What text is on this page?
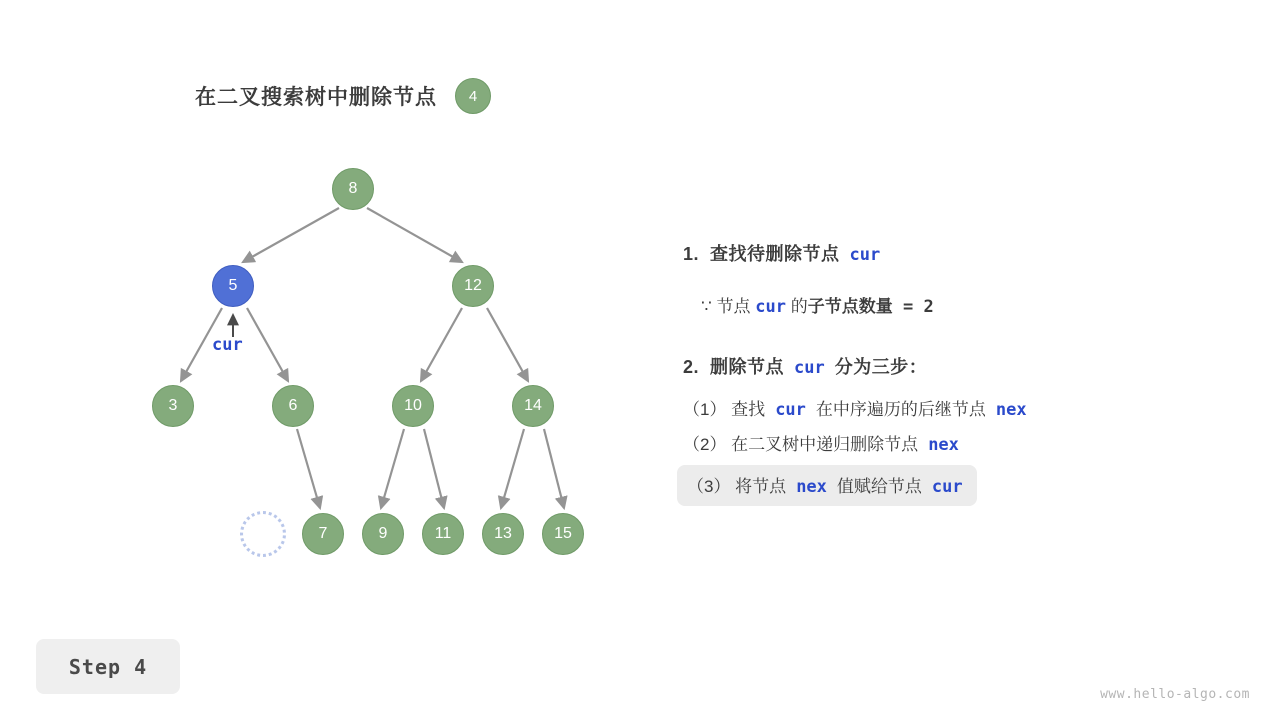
在二叉搜索树中删除节点	4
8
5	12
3	6	10	14
7	9	11	13	15
cur
1.  查找待删除节点 cur
∵ 节点 cur 的 子节点数量 = 2
2.  删除节点 cur 分为三步：
（1） 查找 cur 在中序遍历的后继节点 nex
（2） 在二叉树中递归删除节点 nex
（3） 将节点 nex 值赋给节点 cur
Step 4
www.hello-algo.com
